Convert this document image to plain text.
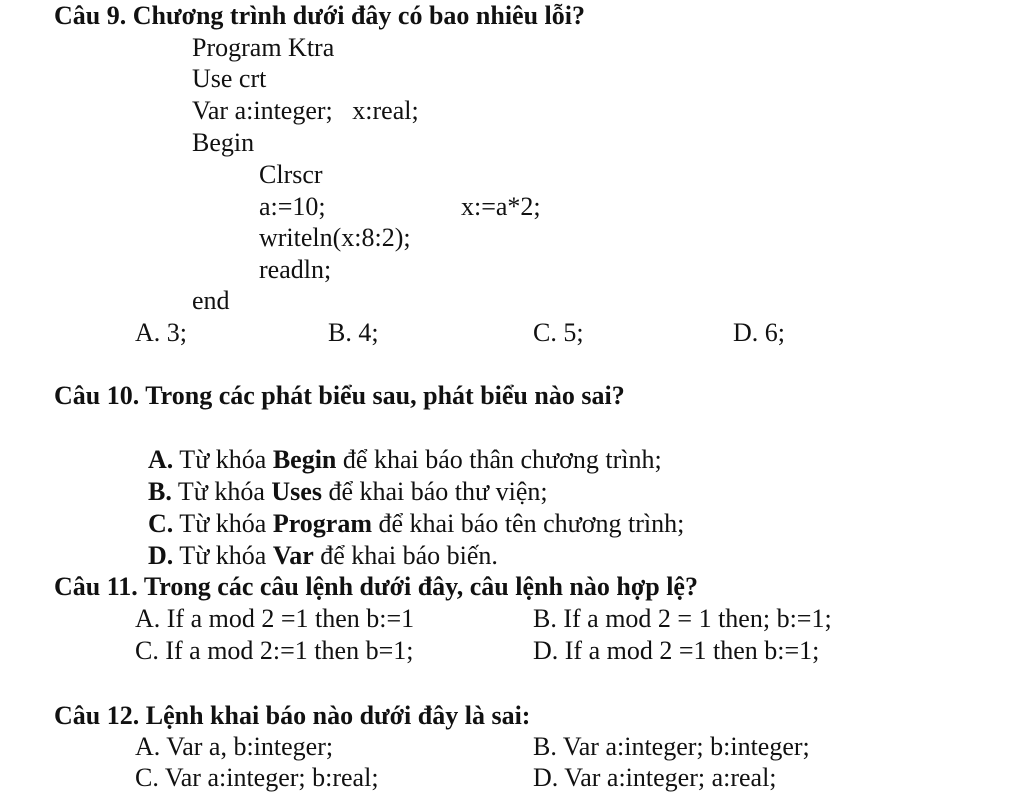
Câu 9. Chương trình dưới đây có bao nhiêu lỗi?
Program Ktra
Use crt
Var a:integer;   x:real;
Begin
Clrscr
a:=10;	x:=a*2;
writeln(x:8:2);
readln;
end
A. 3;	B. 4;	C. 5;	D. 6;
Câu 10. Trong các phát biểu sau, phát biểu nào sai?

A. Từ khóa Begin để khai báo thân chương trình;

B. Từ khóa Uses để khai báo thư viện;

C. Từ khóa Program để khai báo tên chương trình;

D. Từ khóa Var để khai báo biến.

Câu 11. Trong các câu lệnh dưới đây, câu lệnh nào hợp lệ?
A. If a mod 2 =1 then b:=1	B. If a mod 2 = 1 then; b:=1;
C. If a mod 2:=1 then b=1;	D. If a mod 2 =1 then b:=1;
Câu 12. Lệnh khai báo nào dưới đây là sai:
A. Var a, b:integer;	B. Var a:integer; b:integer;
C. Var a:integer; b:real;	D. Var a:integer; a:real;
